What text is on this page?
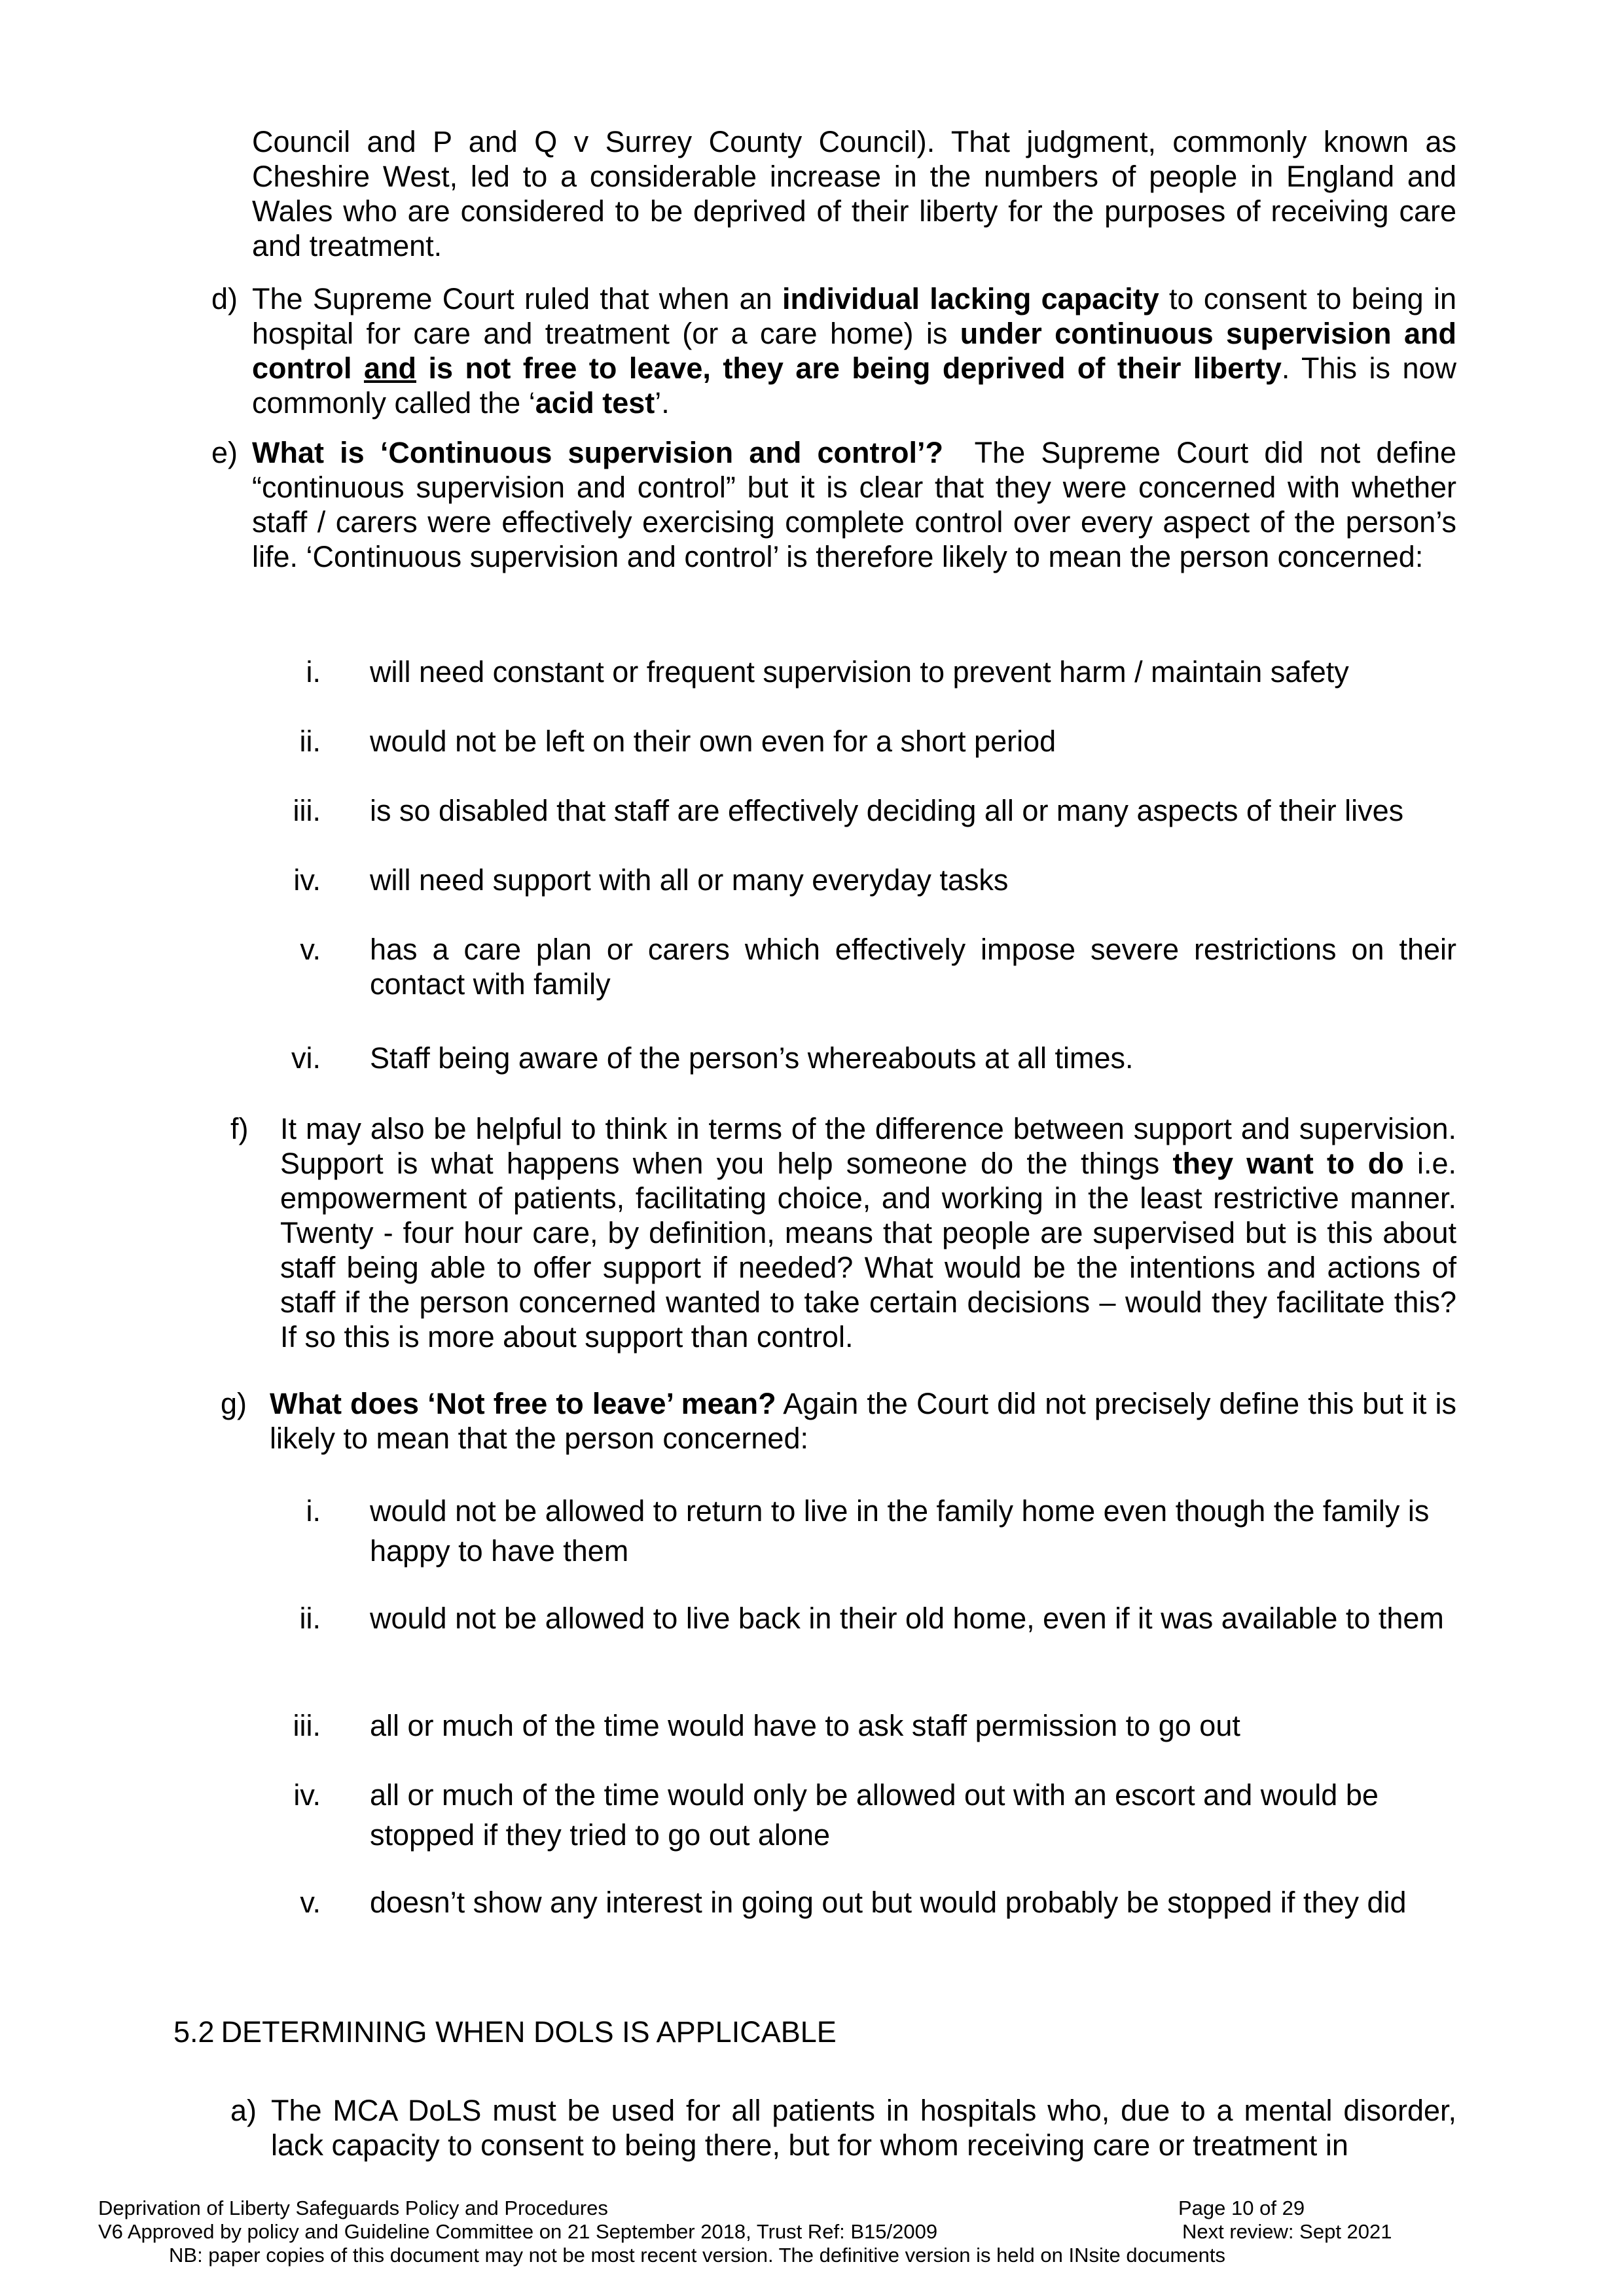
Council and P and Q v Surrey County Council). That judgment, commonly known as

Cheshire West, led to a considerable increase in the numbers of people in England and

Wales who are considered to be deprived of their liberty for the purposes of receiving care

and treatment.

d) The Supreme Court ruled that when an individual lacking capacity to consent to being in hospital for care and treatment (or a care home) is under continuous supervision and control and is not free to leave, they are being deprived of their liberty. This is now commonly called the ‘acid test’.
e) What is ‘Continuous supervision and control’? The Supreme Court did not define “continuous supervision and control” but it is clear that they were concerned with whether staff / carers were effectively exercising complete control over every aspect of the person’s life. ‘Continuous supervision and control’ is therefore likely to mean the person concerned:
i. will need constant or frequent supervision to prevent harm / maintain safety
ii. would not be left on their own even for a short period
iii. is so disabled that staff are effectively deciding all or many aspects of their lives
iv. will need support with all or many everyday tasks
v. has a care plan or carers which effectively impose severe restrictions on their contact with family
vi. Staff being aware of the person’s whereabouts at all times.
f) It may also be helpful to think in terms of the difference between support and supervision. Support is what happens when you help someone do the things they want to do i.e. empowerment of patients, facilitating choice, and working in the least restrictive manner. Twenty - four hour care, by definition, means that people are supervised but is this about staff being able to offer support if needed? What would be the intentions and actions of staff if the person concerned wanted to take certain decisions – would they facilitate this? If so this is more about support than control.
g) What does ‘Not free to leave’ mean? Again the Court did not precisely define this but it is likely to mean that the person concerned:
i. would not be allowed to return to live in the family home even though the family is happy to have them
ii. would not be allowed to live back in their old home, even if it was available to them
iii. all or much of the time would have to ask staff permission to go out
iv. all or much of the time would only be allowed out with an escort and would be stopped if they tried to go out alone
v. doesn’t show any interest in going out but would probably be stopped if they did
5.2 DETERMINING WHEN DOLS IS APPLICABLE
a) The MCA DoLS must be used for all patients in hospitals who, due to a mental disorder, lack capacity to consent to being there, but for whom receiving care or treatment in
Deprivation of Liberty Safeguards Policy and Procedures	Page 10 of 29
V6 Approved by policy and Guideline Committee on 21 September 2018, Trust Ref: B15/2009	Next review: Sept 2021
NB: paper copies of this document may not be most recent version. The definitive version is held on INsite documents
